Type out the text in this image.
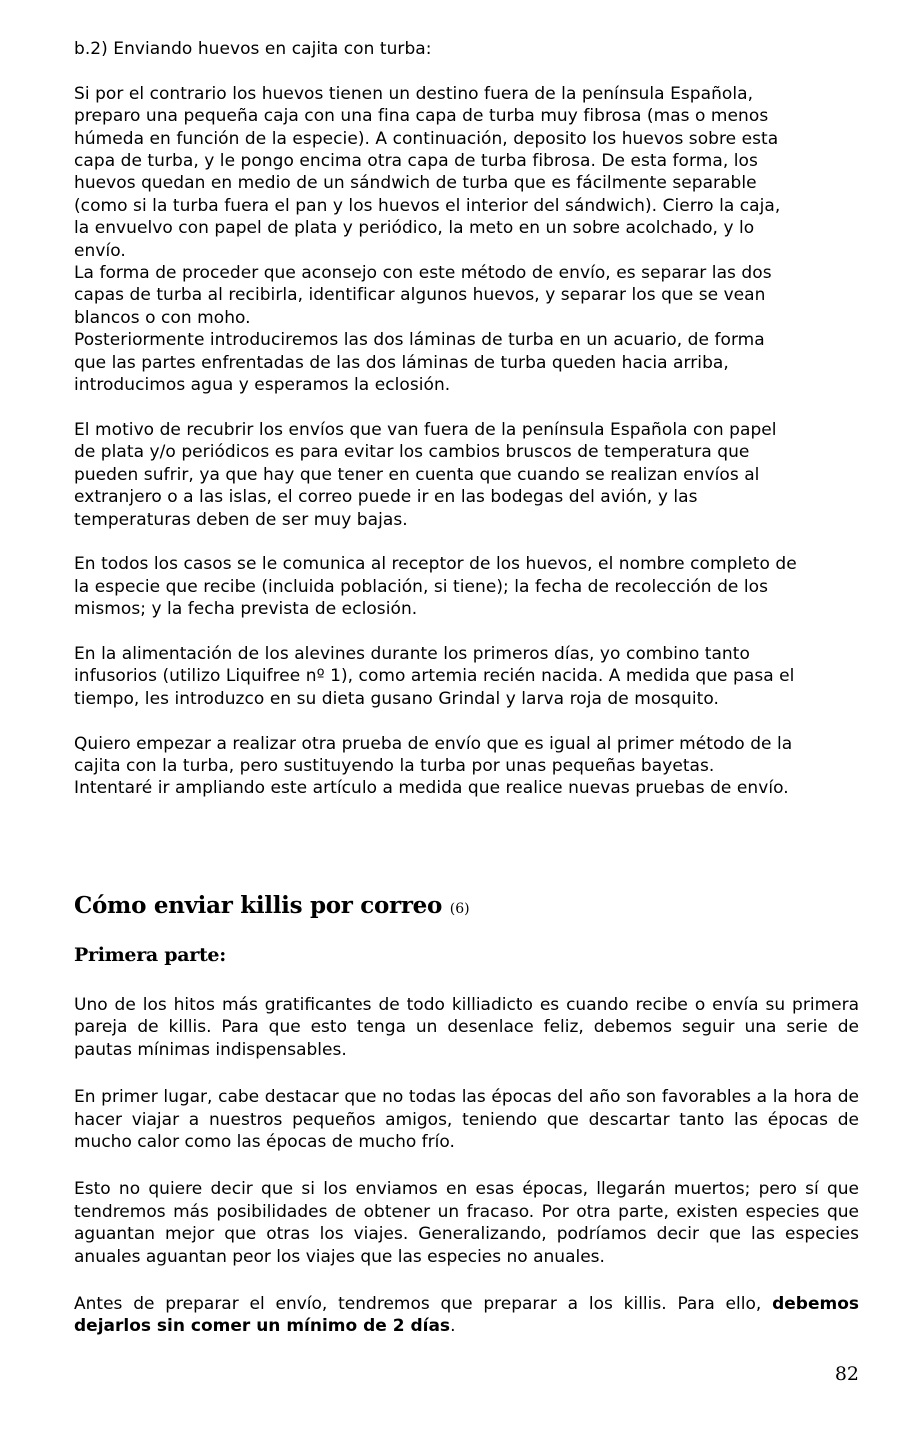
b.2) Enviando huevos en cajita con turba:

Si por el contrario los huevos tienen un destino fuera de la península Española,
preparo una pequeña caja con una fina capa de turba muy fibrosa (mas o menos
húmeda en función de la especie). A continuación, deposito los huevos sobre esta
capa de turba, y le pongo encima otra capa de turba fibrosa. De esta forma, los
huevos quedan en medio de un sándwich de turba que es fácilmente separable
(como si la turba fuera el pan y los huevos el interior del sándwich). Cierro la caja,
la envuelvo con papel de plata y periódico, la meto en un sobre acolchado, y lo
envío.

La forma de proceder que aconsejo con este método de envío, es separar las dos
capas de turba al recibirla, identificar algunos huevos, y separar los que se vean
blancos o con moho.

Posteriormente introduciremos las dos láminas de turba en un acuario, de forma
que las partes enfrentadas de las dos láminas de turba queden hacia arriba,
introducimos agua y esperamos la eclosión.

El motivo de recubrir los envíos que van fuera de la península Española con papel
de plata y/o periódicos es para evitar los cambios bruscos de temperatura que
pueden sufrir, ya que hay que tener en cuenta que cuando se realizan envíos al
extranjero o a las islas, el correo puede ir en las bodegas del avión, y las
temperaturas deben de ser muy bajas.

En todos los casos se le comunica al receptor de los huevos, el nombre completo de
la especie que recibe (incluida población, si tiene); la fecha de recolección de los
mismos; y la fecha prevista de eclosión.

En la alimentación de los alevines durante los primeros días, yo combino tanto
infusorios (utilizo Liquifree nº 1), como artemia recién nacida. A medida que pasa el
tiempo, les introduzco en su dieta gusano Grindal y larva roja de mosquito.

Quiero empezar a realizar otra prueba de envío que es igual al primer método de la
cajita con la turba, pero sustituyendo la turba por unas pequeñas bayetas.
Intentaré ir ampliando este artículo a medida que realice nuevas pruebas de envío.

Cómo enviar killis por correo (6)
Primera parte:

Uno de los hitos más gratificantes de todo killiadicto es cuando recibe o envía su primera pareja de killis. Para que esto tenga un desenlace feliz, debemos seguir una serie de pautas mínimas indispensables.

En primer lugar, cabe destacar que no todas las épocas del año son favorables a la hora de hacer viajar a nuestros pequeños amigos, teniendo que descartar tanto las épocas de mucho calor como las épocas de mucho frío.

Esto no quiere decir que si los enviamos en esas épocas, llegarán muertos; pero sí que tendremos más posibilidades de obtener un fracaso. Por otra parte, existen especies que aguantan mejor que otras los viajes. Generalizando, podríamos decir que las especies anuales aguantan peor los viajes que las especies no anuales.

Antes de preparar el envío, tendremos que preparar a los killis. Para ello, debemos dejarlos sin comer un mínimo de 2 días.

82
